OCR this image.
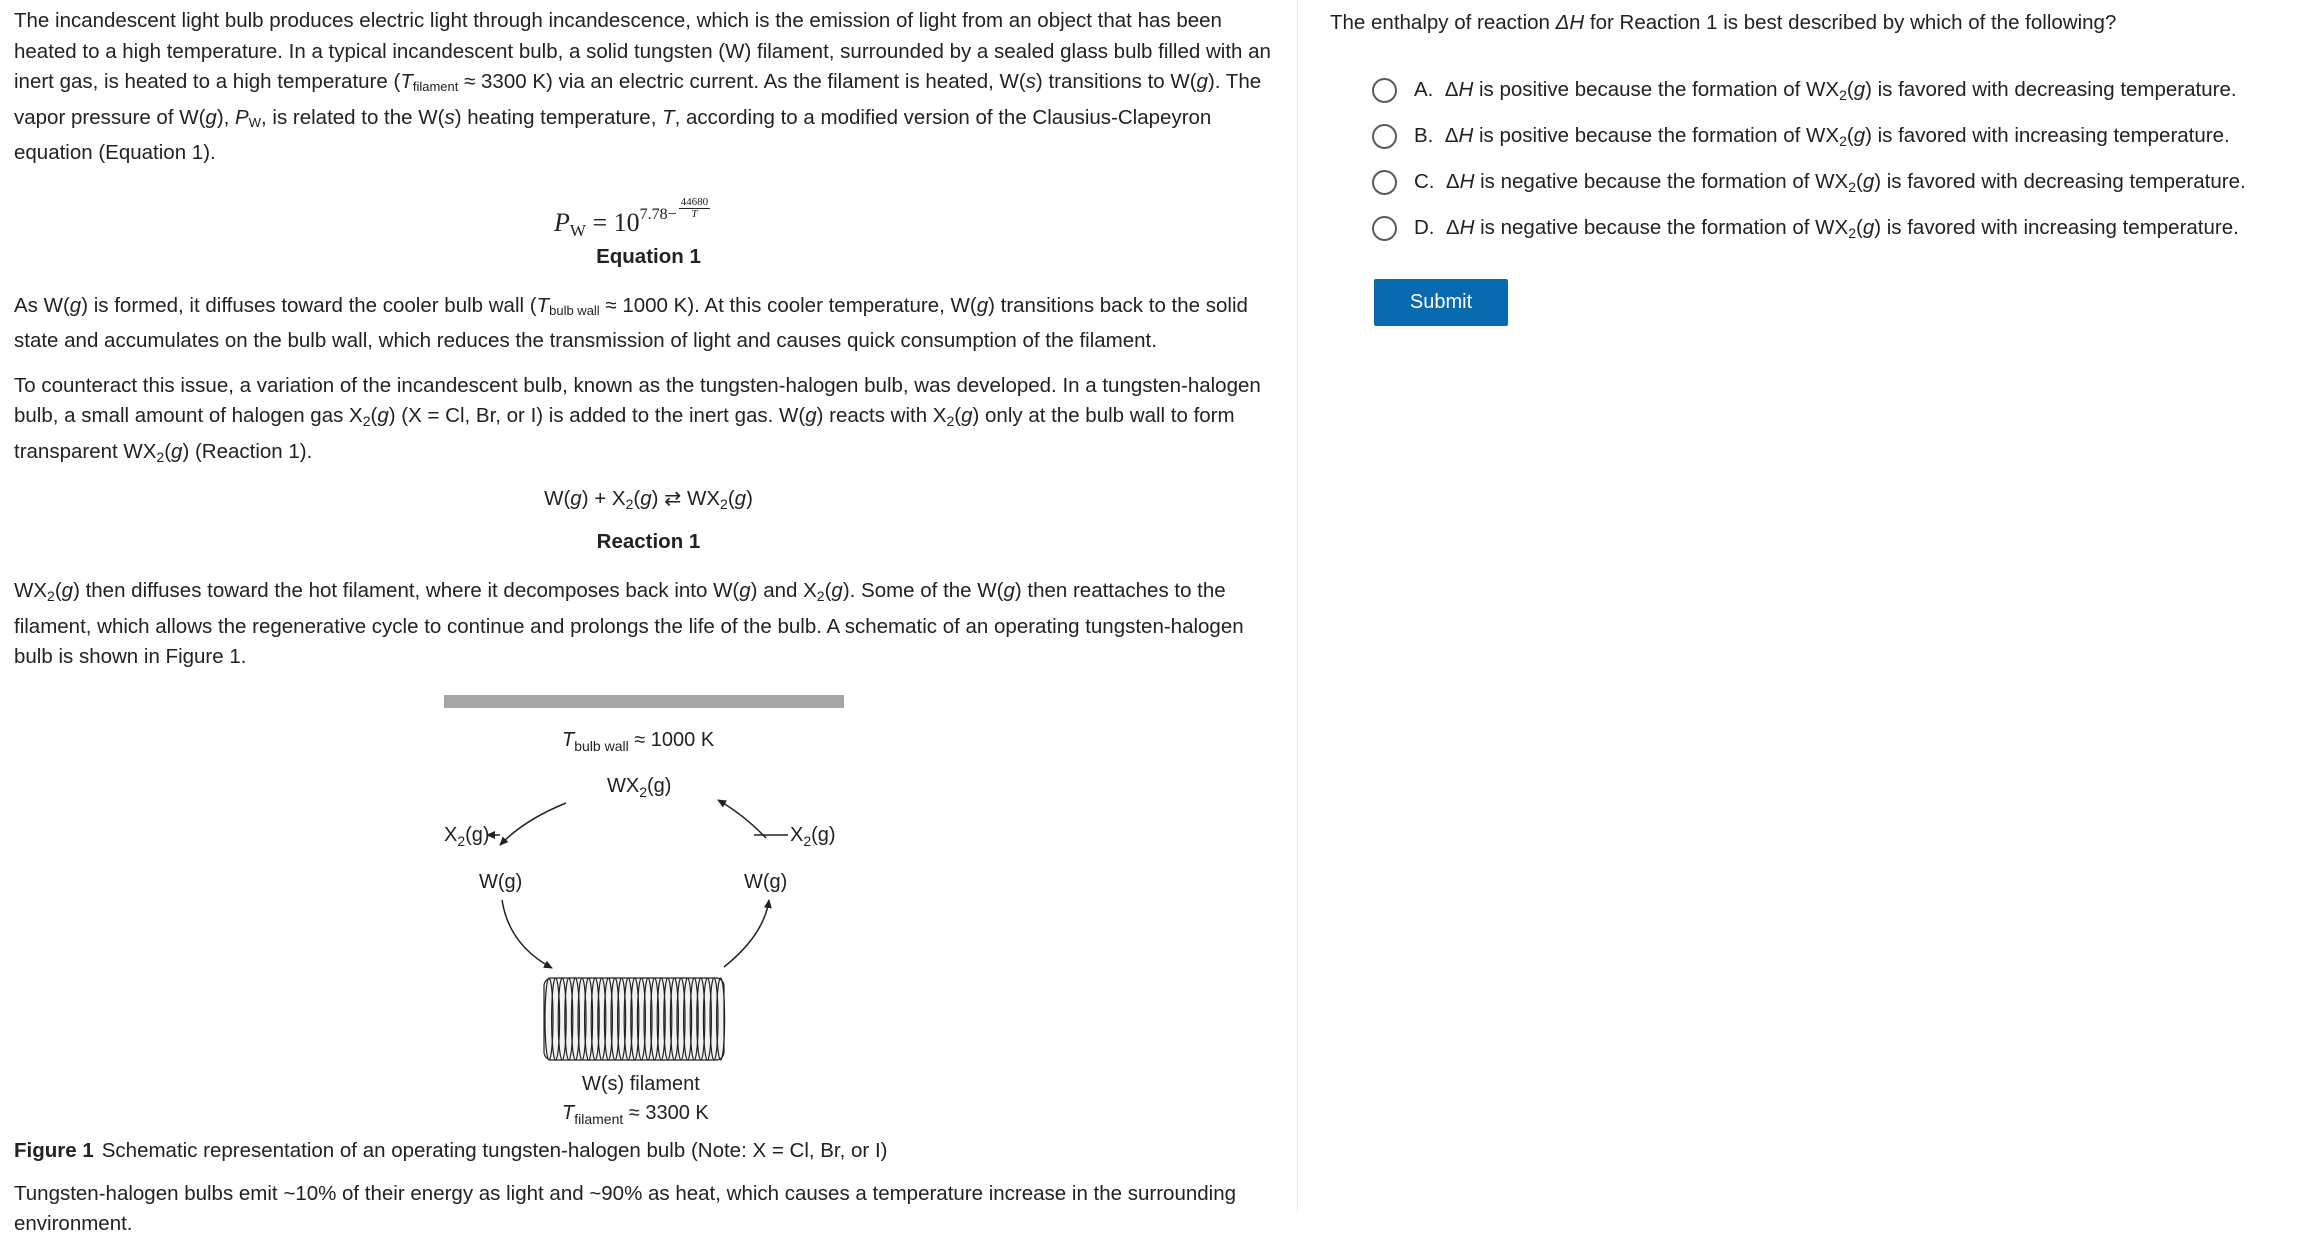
The incandescent light bulb produces electric light through incandescence, which is the emission of light from an object that has been heated to a high temperature. In a typical incandescent bulb, a solid tungsten (W) filament, surrounded by a sealed glass bulb filled with an inert gas, is heated to a high temperature ($T_{filament} \approx 3300$ K) via an electric current. As the filament is heated, W(s) transitions to W(g). The vapor pressure of W(g), $P_W$, is related to the W(s) heating temperature, T, according to a modified version of the Clausius-Clapeyron equation (Equation 1).

PW = $10^{7.78-} \frac{44680}{T}$

Equation 1

As W(g) is formed, it diffuses toward the cooler bulb wall ($T_{bulb wall} \approx 1000$ K). At this cooler temperature, W(g) transitions back to the solid state and accumulates on the bulb wall, which reduces the transmission of light and causes quick consumption of the filament.

To counteract this issue, a variation of the incandescent bulb, known as the tungsten-halogen bulb, was developed. In a tungsten-halogen bulb, a small amount of halogen gas X2(g) (X = Cl, Br, or I) is added to the inert gas. W(g) reacts with X2(g) only at the bulb wall to form transparent WX2(g) (Reaction 1).

W(g) + X2(g) ⇄ WX2(g)

Reaction 1

WX2(g) then diffuses toward the hot filament, where it decomposes back into W(g) and X2(g). Some of the W(g) then reattaches to the filament, which allows the regenerative cycle to continue and prolongs the life of the bulb. A schematic of an operating tungsten-halogen bulb is shown in Figure 1.

$T_{bulb wall} \approx 1000$ K
$WX_2(g)$
$X_2(g)$	$X_2(g)$
W(g)	W(g)
W(s) filament
$T_{filament} \approx 3300$ K

Figure 1 Schematic representation of an operating tungsten-halogen bulb (Note: X = Cl, Br, or I)

Tungsten-halogen bulbs emit ~10% of their energy as light and ~90% as heat, which causes a temperature increase in the surrounding environment.

The enthalpy of reaction ΔH for Reaction 1 is best described by which of the following?
A. ΔH is positive because the formation of WX2(g) is favored with decreasing temperature.
B. ΔH is positive because the formation of WX2(g) is favored with increasing temperature.
C. ΔH is negative because the formation of WX2(g) is favored with decreasing temperature.
D. ΔH is negative because the formation of WX2(g) is favored with increasing temperature.
Submit
